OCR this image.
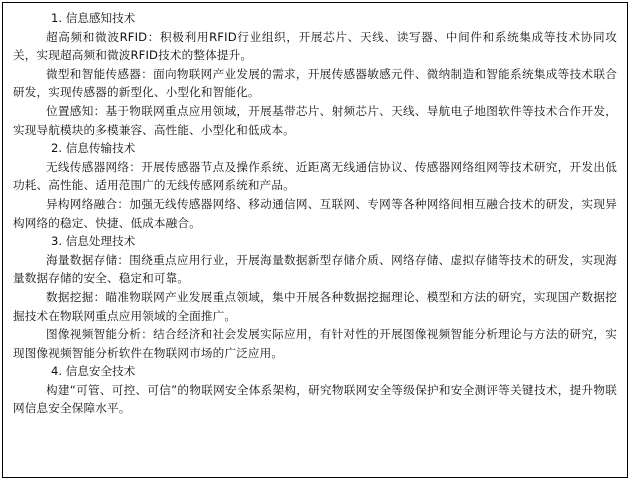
1. 信息感知技术

超高频和微波RFID：积极利用RFID行业组织，开展芯片、天线、读写器、中间件和系统集成等技术协同攻关，实现超高频和微波RFID技术的整体提升。

微型和智能传感器：面向物联网产业发展的需求，开展传感器敏感元件、微纳制造和智能系统集成等技术联合研发，实现传感器的新型化、小型化和智能化。

位置感知：基于物联网重点应用领域，开展基带芯片、射频芯片、天线、导航电子地图软件等技术合作开发，实现导航模块的多模兼容、高性能、小型化和低成本。

2. 信息传输技术

无线传感器网络：开展传感器节点及操作系统、近距离无线通信协议、传感器网络组网等技术研究，开发出低功耗、高性能、适用范围广的无线传感网系统和产品。

异构网络融合：加强无线传感器网络、移动通信网、互联网、专网等各种网络间相互融合技术的研发，实现异构网络的稳定、快捷、低成本融合。

3. 信息处理技术

海量数据存储：围绕重点应用行业，开展海量数据新型存储介质、网络存储、虚拟存储等技术的研发，实现海量数据存储的安全、稳定和可靠。

数据挖掘：瞄准物联网产业发展重点领域，集中开展各种数据挖掘理论、模型和方法的研究，实现国产数据挖掘技术在物联网重点应用领域的全面推广。

图像视频智能分析：结合经济和社会发展实际应用，有针对性的开展图像视频智能分析理论与方法的研究，实现图像视频智能分析软件在物联网市场的广泛应用。

4. 信息安全技术

构建“可管、可控、可信”的物联网安全体系架构，研究物联网安全等级保护和安全测评等关键技术，提升物联网信息安全保障水平。
